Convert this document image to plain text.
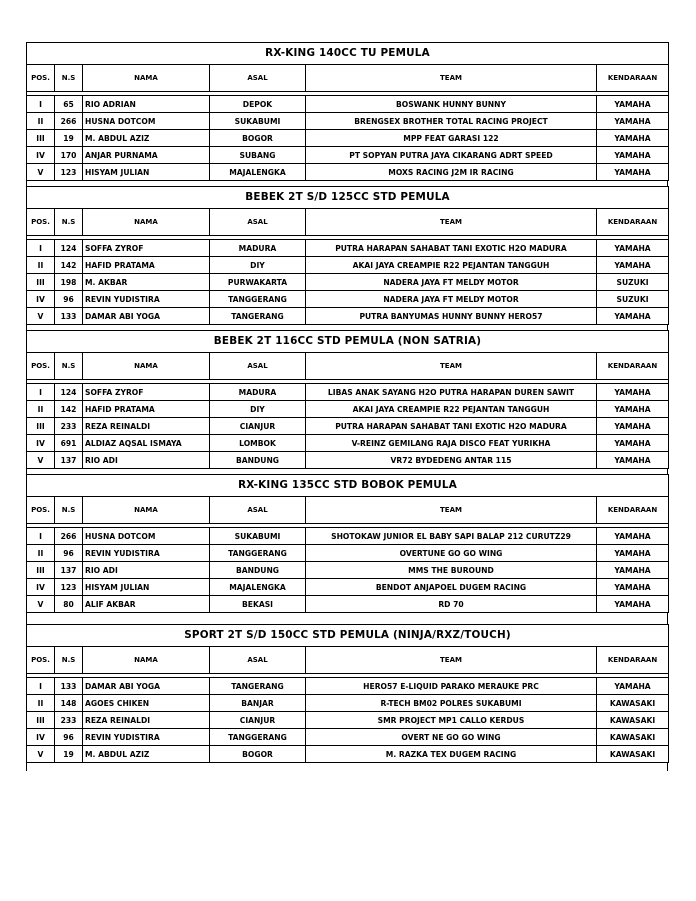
RX-KING 140CC TU PEMULA					
POS.	N.S	NAMA	ASAL	TEAM	KENDARAAN

I	65	RIO ADRIAN	DEPOK	BOSWANK HUNNY BUNNY	YAMAHA
II	266	HUSNA DOTCOM	SUKABUMI	BRENGSEX BROTHER TOTAL RACING PROJECT	YAMAHA
III	19	M. ABDUL AZIZ	BOGOR	MPP FEAT GARASI 122	YAMAHA
IV	170	ANJAR PURNAMA	SUBANG	PT SOPYAN PUTRA JAYA CIKARANG ADRT SPEED	YAMAHA
V	123	HISYAM JULIAN	MAJALENGKA	MOXS RACING J2M IR RACING	YAMAHA
BEBEK 2T S/D 125CC STD PEMULA					
POS.	N.S	NAMA	ASAL	TEAM	KENDARAAN

I	124	SOFFA ZYROF	MADURA	PUTRA HARAPAN SAHABAT TANI EXOTIC H2O MADURA	YAMAHA
II	142	HAFID PRATAMA	DIY	AKAI JAYA CREAMPIE R22 PEJANTAN TANGGUH	YAMAHA
III	198	M. AKBAR	PURWAKARTA	NADERA JAYA FT MELDY MOTOR	SUZUKI
IV	96	REVIN YUDISTIRA	TANGGERANG	NADERA JAYA FT MELDY MOTOR	SUZUKI
V	133	DAMAR ABI YOGA	TANGERANG	PUTRA BANYUMAS HUNNY BUNNY HERO57	YAMAHA
BEBEK 2T 116CC STD PEMULA (NON SATRIA)					
POS.	N.S	NAMA	ASAL	TEAM	KENDARAAN

I	124	SOFFA ZYROF	MADURA	LIBAS ANAK SAYANG H2O PUTRA HARAPAN DUREN SAWIT	YAMAHA
II	142	HAFID PRATAMA	DIY	AKAI JAYA CREAMPIE R22 PEJANTAN TANGGUH	YAMAHA
III	233	REZA REINALDI	CIANJUR	PUTRA HARAPAN SAHABAT TANI EXOTIC H2O MADURA	YAMAHA
IV	691	ALDIAZ AQSAL ISMAYA	LOMBOK	V-REINZ GEMILANG RAJA DISCO FEAT YURIKHA	YAMAHA
V	137	RIO ADI	BANDUNG	VR72 BYDEDENG ANTAR 115	YAMAHA
RX-KING 135CC STD BOBOK PEMULA					
POS.	N.S	NAMA	ASAL	TEAM	KENDARAAN

I	266	HUSNA DOTCOM	SUKABUMI	SHOTOKAW JUNIOR EL BABY SAPI BALAP 212 CURUTZ29	YAMAHA
II	96	REVIN YUDISTIRA	TANGGERANG	OVERTUNE GO GO WING	YAMAHA
III	137	RIO ADI	BANDUNG	MMS THE BUROUND	YAMAHA
IV	123	HISYAM JULIAN	MAJALENGKA	BENDOT ANJAPOEL DUGEM RACING	YAMAHA
V	80	ALIF AKBAR	BEKASI	RD 70	YAMAHA
SPORT 2T S/D 150CC STD PEMULA (NINJA/RXZ/TOUCH)					
POS.	N.S	NAMA	ASAL	TEAM	KENDARAAN

I	133	DAMAR ABI YOGA	TANGERANG	HERO57 E-LIQUID PARAKO MERAUKE PRC	YAMAHA
II	148	AGOES CHIKEN	BANJAR	R-TECH BM02 POLRES SUKABUMI	KAWASAKI
III	233	REZA REINALDI	CIANJUR	SMR PROJECT MP1 CALLO KERDUS	KAWASAKI
IV	96	REVIN YUDISTIRA	TANGGERANG	OVERT NE GO GO WING	KAWASAKI
V	19	M. ABDUL AZIZ	BOGOR	M. RAZKA TEX DUGEM RACING	KAWASAKI
